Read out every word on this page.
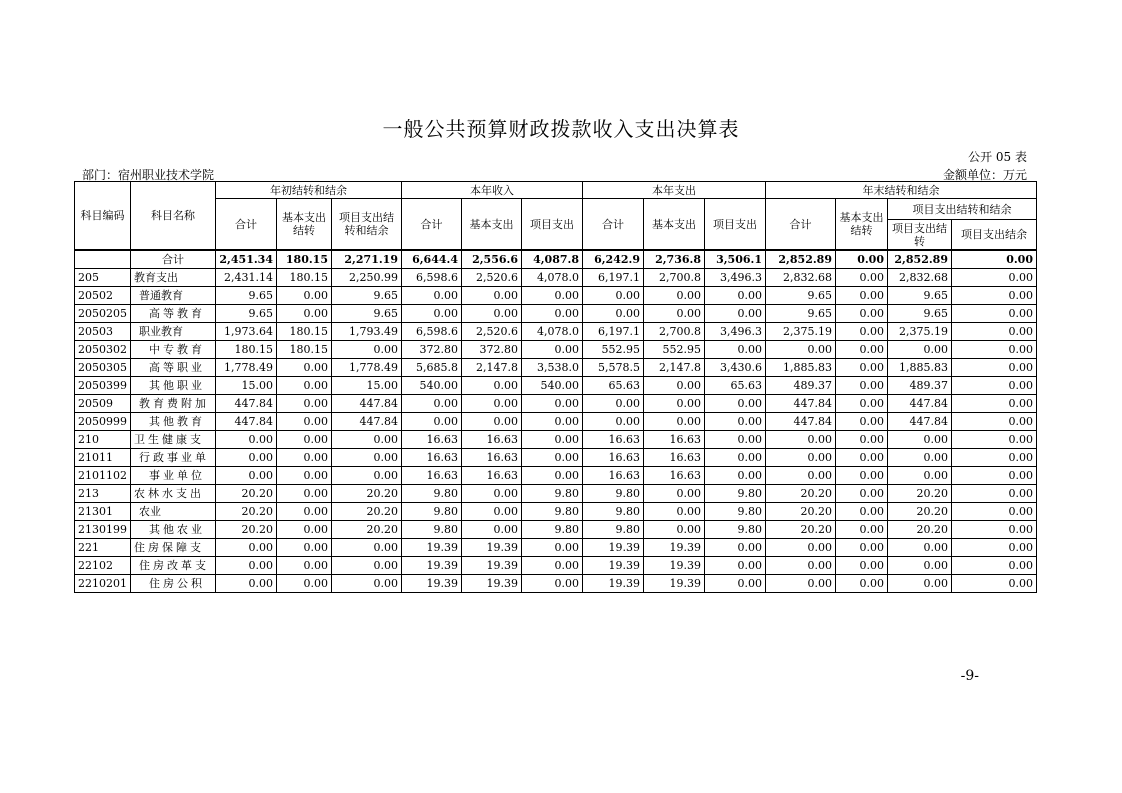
一般公共预算财政拨款收入支出决算表
公开 05 表
部门：宿州职业技术学院	金额单位：万元
科目编码	科目名称	年初结转和结余			本年收入			本年支出			年末结转和结余			
		合计	基本支出结转	项目支出结转和结余	合计	基本支出	项目支出	合计	基本支出	项目支出	合计	基本支出结转	项目支出结转和结余	
													项目支出结转	项目支出结余
	合计	2,451.34	180.15	2,271.19	6,644.4	2,556.6	4,087.8	6,242.9	2,736.8	3,506.1	2,852.89	0.00	2,852.89	0.00
205	教育支出	2,431.14	180.15	2,250.99	6,598.6	2,520.6	4,078.0	6,197.1	2,700.8	3,496.3	2,832.68	0.00	2,832.68	0.00
20502	普通教育	9.65	0.00	9.65	0.00	0.00	0.00	0.00	0.00	0.00	9.65	0.00	9.65	0.00
2050205	高等教育	9.65	0.00	9.65	0.00	0.00	0.00	0.00	0.00	0.00	9.65	0.00	9.65	0.00
20503	职业教育	1,973.64	180.15	1,793.49	6,598.6	2,520.6	4,078.0	6,197.1	2,700.8	3,496.3	2,375.19	0.00	2,375.19	0.00
2050302	中专教育	180.15	180.15	0.00	372.80	372.80	0.00	552.95	552.95	0.00	0.00	0.00	0.00	0.00
2050305	高等职业	1,778.49	0.00	1,778.49	5,685.8	2,147.8	3,538.0	5,578.5	2,147.8	3,430.6	1,885.83	0.00	1,885.83	0.00
2050399	其他职业	15.00	0.00	15.00	540.00	0.00	540.00	65.63	0.00	65.63	489.37	0.00	489.37	0.00
20509	教育费附加	447.84	0.00	447.84	0.00	0.00	0.00	0.00	0.00	0.00	447.84	0.00	447.84	0.00
2050999	其他教育	447.84	0.00	447.84	0.00	0.00	0.00	0.00	0.00	0.00	447.84	0.00	447.84	0.00
210	卫生健康支	0.00	0.00	0.00	16.63	16.63	0.00	16.63	16.63	0.00	0.00	0.00	0.00	0.00
21011	行政事业单	0.00	0.00	0.00	16.63	16.63	0.00	16.63	16.63	0.00	0.00	0.00	0.00	0.00
2101102	事业单位	0.00	0.00	0.00	16.63	16.63	0.00	16.63	16.63	0.00	0.00	0.00	0.00	0.00
213	农林水支出	20.20	0.00	20.20	9.80	0.00	9.80	9.80	0.00	9.80	20.20	0.00	20.20	0.00
21301	农业	20.20	0.00	20.20	9.80	0.00	9.80	9.80	0.00	9.80	20.20	0.00	20.20	0.00
2130199	其他农业	20.20	0.00	20.20	9.80	0.00	9.80	9.80	0.00	9.80	20.20	0.00	20.20	0.00
221	住房保障支	0.00	0.00	0.00	19.39	19.39	0.00	19.39	19.39	0.00	0.00	0.00	0.00	0.00
22102	住房改革支	0.00	0.00	0.00	19.39	19.39	0.00	19.39	19.39	0.00	0.00	0.00	0.00	0.00
2210201	住房公积	0.00	0.00	0.00	19.39	19.39	0.00	19.39	19.39	0.00	0.00	0.00	0.00	0.00
-9-
